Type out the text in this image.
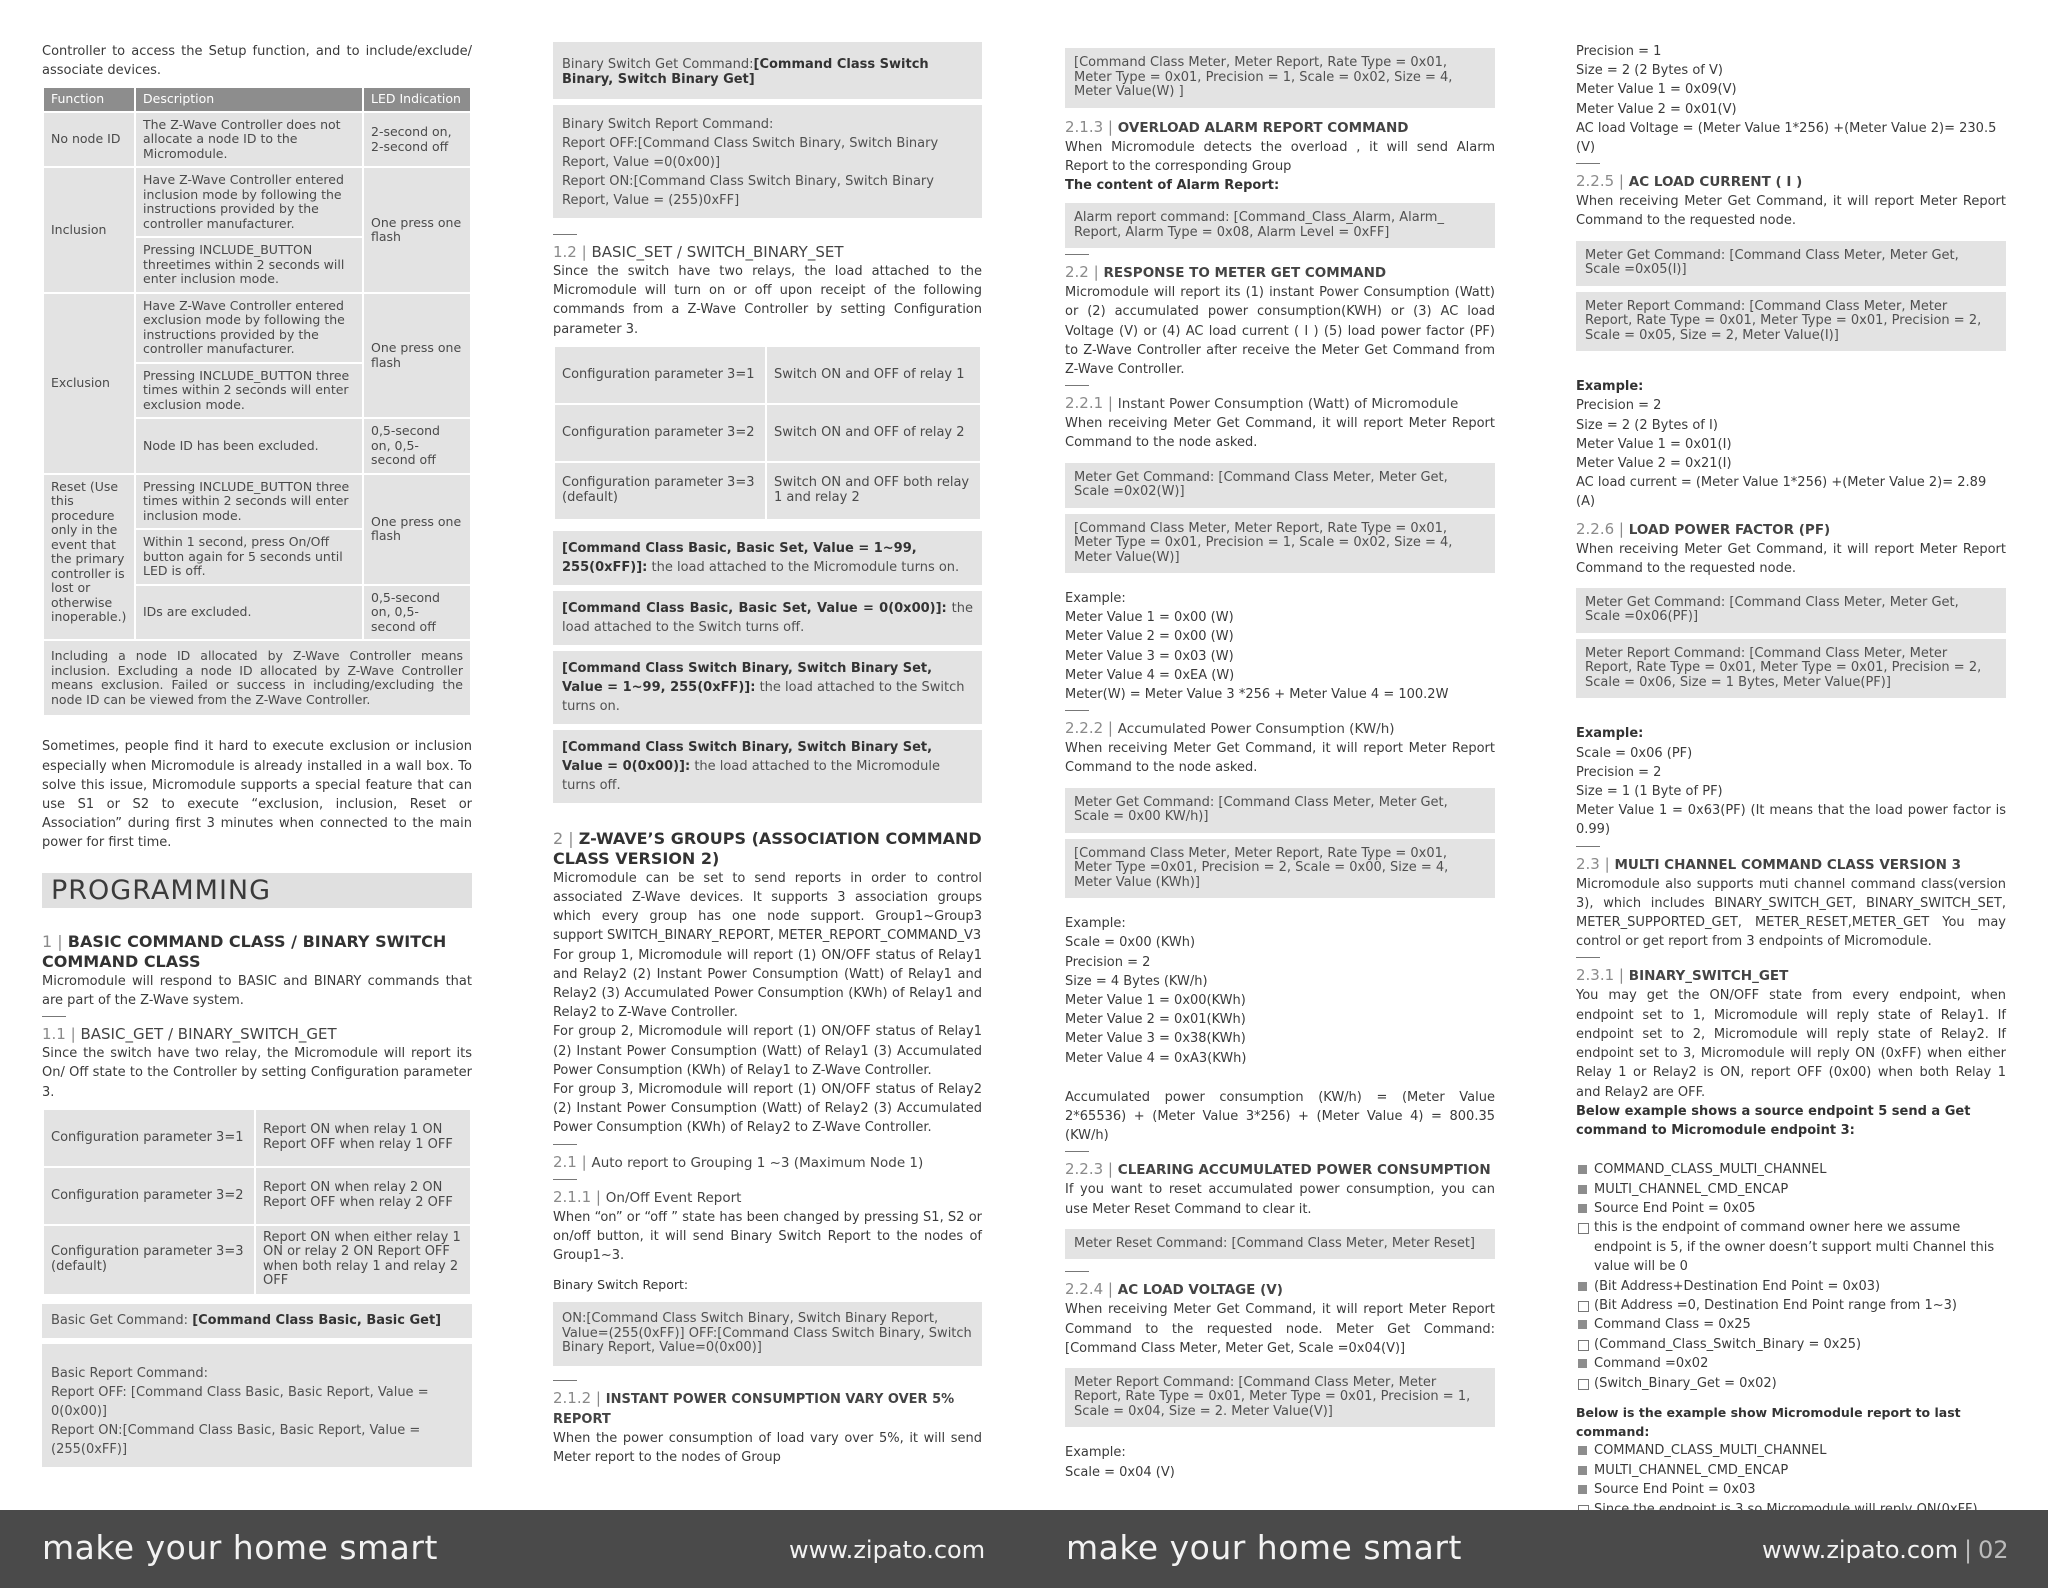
Controller to access the Setup function, and to include/exclude/ associate devices.

Function	Description	LED Indication
No node ID	The Z-Wave Controller does not allocate a node ID to the Micromodule.	2-second on, 2-second off
Inclusion	Have Z-Wave Controller entered inclusion mode by following the instructions provided by the controller manufacturer.	One press one flash
	Pressing INCLUDE_BUTTON threetimes within 2 seconds will enter inclusion mode.	
Exclusion	Have Z-Wave Controller entered exclusion mode by following the instructions provided by the controller manufacturer.	One press one flash
	Pressing INCLUDE_BUTTON three times within 2 seconds will enter exclusion mode.	
	Node ID has been excluded.	0,5-second on, 0,5-second off
Reset (Use this procedure only in the event that the primary controller is lost or otherwise inoperable.)	Pressing INCLUDE_BUTTON three times within 2 seconds will enter inclusion mode.	One press one flash
	Within 1 second, press On/Off button again for 5 seconds until LED is off.	
	IDs are excluded.	0,5-second on, 0,5-second off
Including a node ID allocated by Z-Wave Controller means inclusion. Excluding a node ID allocated by Z-Wave Controller means exclusion. Failed or success in including/excluding the node ID can be viewed from the Z-Wave Controller.		

Sometimes, people find it hard to execute exclusion or inclusion especially when Micromodule is already installed in a wall box. To solve this issue, Micromodule supports a special feature that can use S1 or S2 to execute “exclusion, inclusion, Reset or Association” during first 3 minutes when connected to the main power for first time.

PROGRAMMING
1 | BASIC COMMAND CLASS / BINARY SWITCH COMMAND CLASS

Micromodule will respond to BASIC and BINARY commands that are part of the Z-Wave system.

1.1 | BASIC_GET / BINARY_SWITCH_GET

Since the switch have two relay, the Micromodule will report its On/ Off state to the Controller by setting Configuration parameter 3.

Configuration parameter 3=1	Report ON when relay 1 ON Report OFF when relay 1 OFF
Configuration parameter 3=2	Report ON when relay 2 ON Report OFF when relay 2 OFF
Configuration parameter 3=3 (default)	Report ON when either relay 1 ON or relay 2 ON Report OFF when both relay 1 and relay 2 OFF
Basic Get Command: [Command Class Basic, Basic Get]

Basic Report Command:

Report OFF: [Command Class Basic, Basic Report, Value = 0(0x00)]

Report ON:[Command Class Basic, Basic Report, Value = (255(0xFF)]

Binary Switch Get Command:[Command Class Switch Binary, Switch Binary Get]

Binary Switch Report Command:

Report OFF:[Command Class Switch Binary, Switch Binary Report, Value =0(0x00)]

Report ON:[Command Class Switch Binary, Switch Binary Report, Value = (255)0xFF]

1.2 | BASIC_SET / SWITCH_BINARY_SET

Since the switch have two relays, the load attached to the Micromodule will turn on or off upon receipt of the following commands from a Z-Wave Controller by setting Configuration parameter 3.

Configuration parameter 3=1	Switch ON and OFF of relay 1
Configuration parameter 3=2	Switch ON and OFF of relay 2
Configuration parameter 3=3 (default)	Switch ON and OFF both relay 1 and relay 2
[Command Class Basic, Basic Set, Value = 1~99, 255(0xFF)]: the load attached to the Micromodule turns on.
[Command Class Basic, Basic Set, Value = 0(0x00)]: the load attached to the Switch turns off.
[Command Class Switch Binary, Switch Binary Set, Value = 1~99, 255(0xFF)]: the load attached to the Switch turns on.
[Command Class Switch Binary, Switch Binary Set, Value = 0(0x00)]: the load attached to the Micromodule turns off.
2 | Z-WAVE’S GROUPS (ASSOCIATION COMMAND CLASS VERSION 2)

Micromodule can be set to send reports in order to control associated Z-Wave devices. It supports 3 association groups which every group has one node support. Group1~Group3 support SWITCH_BINARY_REPORT, METER_REPORT_COMMAND_V3

For group 1, Micromodule will report (1) ON/OFF status of Relay1 and Relay2 (2) Instant Power Consumption (Watt) of Relay1 and Relay2 (3) Accumulated Power Consumption (KWh) of Relay1 and Relay2 to Z-Wave Controller.

For group 2, Micromodule will report (1) ON/OFF status of Relay1 (2) Instant Power Consumption (Watt) of Relay1 (3) Accumulated Power Consumption (KWh) of Relay1 to Z-Wave Controller.

For group 3, Micromodule will report (1) ON/OFF status of Relay2 (2) Instant Power Consumption (Watt) of Relay2 (3) Accumulated Power Consumption (KWh) of Relay2 to Z-Wave Controller.

2.1 | Auto report to Grouping 1 ~3 (Maximum Node 1)
2.1.1 | On/Off Event Report

When “on” or “off ” state has been changed by pressing S1, S2 or on/off button, it will send Binary Switch Report to the nodes of Group1~3.

Binary Switch Report:

ON:[Command Class Switch Binary, Switch Binary Report, Value=(255(0xFF)] OFF:[Command Class Switch Binary, Switch Binary Report, Value=0(0x00)]
2.1.2 | INSTANT POWER CONSUMPTION VARY OVER 5% REPORT

When the power consumption of load vary over 5%, it will send Meter report to the nodes of Group

[Command Class Meter, Meter Report, Rate Type = 0x01, Meter Type = 0x01, Precision = 1, Scale = 0x02, Size = 4, Meter Value(W) ]
2.1.3 | OVERLOAD ALARM REPORT COMMAND

When Micromodule detects the overload , it will send Alarm Report to the corresponding Group

The content of Alarm Report:

Alarm report command: [Command_Class_Alarm, Alarm_ Report, Alarm Type = 0x08, Alarm Level = 0xFF]
2.2 | RESPONSE TO METER GET COMMAND

Micromodule will report its (1) instant Power Consumption (Watt) or (2) accumulated power consumption(KWH) or (3) AC load Voltage (V) or (4) AC load current ( I ) (5) load power factor (PF) to Z-Wave Controller after receive the Meter Get Command from Z-Wave Controller.

2.2.1 | Instant Power Consumption (Watt) of Micromodule

When receiving Meter Get Command, it will report Meter Report Command to the node asked.

Meter Get Command: [Command Class Meter, Meter Get, Scale =0x02(W)]
[Command Class Meter, Meter Report, Rate Type = 0x01, Meter Type = 0x01, Precision = 1, Scale = 0x02, Size = 4, Meter Value(W)]

Example:

Meter Value 1 = 0x00 (W)

Meter Value 2 = 0x00 (W)

Meter Value 3 = 0x03 (W)

Meter Value 4 = 0xEA (W)

Meter(W) = Meter Value 3 *256 + Meter Value 4 = 100.2W

2.2.2 | Accumulated Power Consumption (KW/h)

When receiving Meter Get Command, it will report Meter Report Command to the node asked.

Meter Get Command: [Command Class Meter, Meter Get, Scale = 0x00 KW/h)]
[Command Class Meter, Meter Report, Rate Type = 0x01, Meter Type =0x01, Precision = 2, Scale = 0x00, Size = 4, Meter Value (KWh)]

Example:

Scale = 0x00 (KWh)

Precision = 2

Size = 4 Bytes (KW/h)

Meter Value 1 = 0x00(KWh)

Meter Value 2 = 0x01(KWh)

Meter Value 3 = 0x38(KWh)

Meter Value 4 = 0xA3(KWh)

Accumulated power consumption (KW/h) = (Meter Value 2*65536) + (Meter Value 3*256) + (Meter Value 4) = 800.35 (KW/h)

2.2.3 | CLEARING ACCUMULATED POWER CONSUMPTION

If you want to reset accumulated power consumption, you can use Meter Reset Command to clear it.

Meter Reset Command: [Command Class Meter, Meter Reset]
2.2.4 | AC LOAD VOLTAGE (V)

When receiving Meter Get Command, it will report Meter Report Command to the requested node. Meter Get Command: [Command Class Meter, Meter Get, Scale =0x04(V)]

Meter Report Command: [Command Class Meter, Meter Report, Rate Type = 0x01, Meter Type = 0x01, Precision = 1, Scale = 0x04, Size = 2. Meter Value(V)]

Example:

Scale = 0x04 (V)

Precision = 1

Size = 2 (2 Bytes of V)

Meter Value 1 = 0x09(V)

Meter Value 2 = 0x01(V)

AC load Voltage = (Meter Value 1*256) +(Meter Value 2)= 230.5 (V)

2.2.5 | AC LOAD CURRENT ( I )

When receiving Meter Get Command, it will report Meter Report Command to the requested node.

Meter Get Command: [Command Class Meter, Meter Get, Scale =0x05(I)]
Meter Report Command: [Command Class Meter, Meter Report, Rate Type = 0x01, Meter Type = 0x01, Precision = 2, Scale = 0x05, Size = 2, Meter Value(I)]

Example:

Precision = 2

Size = 2 (2 Bytes of I)

Meter Value 1 = 0x01(I)

Meter Value 2 = 0x21(I)

AC load current = (Meter Value 1*256) +(Meter Value 2)= 2.89 (A)

2.2.6 | LOAD POWER FACTOR (PF)

When receiving Meter Get Command, it will report Meter Report Command to the requested node.

Meter Get Command: [Command Class Meter, Meter Get, Scale =0x06(PF)]
Meter Report Command: [Command Class Meter, Meter Report, Rate Type = 0x01, Meter Type = 0x01, Precision = 2, Scale = 0x06, Size = 1 Bytes, Meter Value(PF)]

Example:

Scale = 0x06 (PF)

Precision = 2

Size = 1 (1 Byte of PF)

Meter Value 1 = 0x63(PF) (It means that the load power factor is 0.99)

2.3 | MULTI CHANNEL COMMAND CLASS VERSION 3

Micromodule also supports muti channel command class(version 3), which includes BINARY_SWITCH_GET, BINARY_SWITCH_SET, METER_SUPPORTED_GET, METER_RESET,METER_GET You may control or get report from 3 endpoints of Micromodule.

2.3.1 | BINARY_SWITCH_GET

You may get the ON/OFF state from every endpoint, when endpoint set to 1, Micromodule will reply state of Relay1. If endpoint set to 2, Micromodule will reply state of Relay2. If endpoint set to 3, Micromodule will reply ON (0xFF) when either Relay 1 or Relay2 is ON, report OFF (0x00) when both Relay 1 and Relay2 are OFF.

Below example shows a source endpoint 5 send a Get command to Micromodule endpoint 3:

COMMAND_CLASS_MULTI_CHANNEL
MULTI_CHANNEL_CMD_ENCAP
Source End Point = 0x05
this is the endpoint of command owner here we assume endpoint is 5, if the owner doesn’t support multi Channel this value will be 0
(Bit Address+Destination End Point = 0x03)
(Bit Address =0, Destination End Point range from 1~3)
Command Class = 0x25
(Command_Class_Switch_Binary = 0x25)
Command =0x02
(Switch_Binary_Get = 0x02)

Below is the example show Micromodule report to last command:

COMMAND_CLASS_MULTI_CHANNEL
MULTI_CHANNEL_CMD_ENCAP
Source End Point = 0x03
make your home smart	www.zipato.com make your home smart	www.zipato.com | 02
